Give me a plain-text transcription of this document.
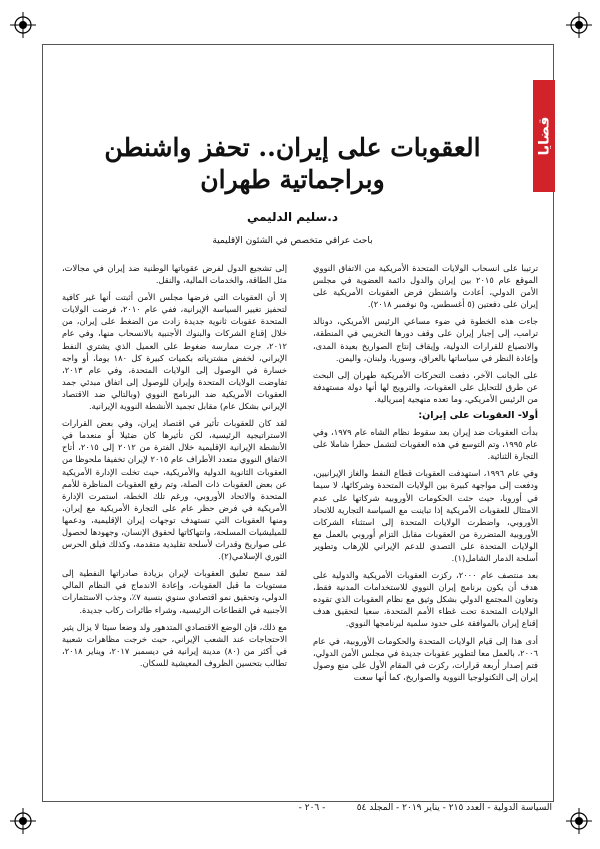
قضايا
العقوبات على إيران.. تحفز واشنطن وبراجماتية طهران
د.سليم الدليمي
باحث عراقي متخصص في الشئون الإقليمية

ترتيبا على انسحاب الولايات المتحدة الأمريكية من الاتفاق النووي الموقع عام ٢٠١٥ بين إيران والدول دائمة العضوية في مجلس الأمن الدولي، أعادت واشنطن فرض العقوبات الأمريكية على إيران على دفعتين (٥ أغسطس، و٥ نوفمبر ٢٠١٨).

جاءت هذه الخطوة في ضوء مساعي الرئيس الأمريكي، دونالد ترامب، إلى إجبار إيران على وقف دورها التخريبي في المنطقة، والانصياع للقرارات الدولية، وإيقاف إنتاج الصواريخ بعيدة المدى، وإعادة النظر في سياساتها بالعراق، وسوريا، ولبنان، واليمن.

على الجانب الآخر، دفعت التحركات الأمريكية طهران إلى البحث عن طرق للتحايل على العقوبات، والترويج لها أنها دولة مستهدفة من الرئيس الأمريكي، وما تعده منهجية إمبريالية.

أولا- العقوبات على إيران:

بدأت العقوبات ضد إيران بعد سقوط نظام الشاه عام ١٩٧٩، وفي عام ١٩٩٥، وتم التوسع في هذه العقوبات لتشمل حظرا شاملا على التجارة الثنائية.

وفي عام ١٩٩٦، استهدفت العقوبات قطاع النفط والغاز الإيرانيين، ودفعت إلى مواجهة كبيرة بين الولايات المتحدة وشركائها، لا سيما في أوروبا، حيث حثت الحكومات الأوروبية شركاتها على عدم الامتثال للعقوبات الأمريكية إذا تباينت مع السياسة التجارية للاتحاد الأوروبي، واضطرت الولايات المتحدة إلى استثناء الشركات الأوروبية المتضررة من العقوبات مقابل التزام أوروبي بالعمل مع الولايات المتحدة على التصدي للدعم الإيراني للإرهاب وتطوير أسلحة الدمار الشامل(١).

بعد منتصف عام ٢٠٠٠، ركزت العقوبات الأمريكية والدولية على هدف أن يكون برنامج إيران النووي للاستخدامات المدنية فقط، وتعاون المجتمع الدولي بشكل وثيق مع نظام العقوبات الذي تقوده الولايات المتحدة تحت غطاء الأمم المتحدة، سعيا لتحقيق هدف إقناع إيران بالموافقة على حدود سلمية لبرنامجها النووي.

أدى هذا إلى قيام الولايات المتحدة والحكومات الأوروبية، في عام ٢٠٠٦، بالعمل معا لتطوير عقوبات جديدة في مجلس الأمن الدولي، فتم إصدار أربعة قرارات، ركزت في المقام الأول على منع وصول إيران إلى التكنولوجيا النووية والصواريخ، كما أنها سعت

إلى تشجيع الدول لفرض عقوباتها الوطنية ضد إيران في مجالات، مثل الطاقة، والخدمات المالية، والنقل.

إلا أن العقوبات التي فرضها مجلس الأمن أثبتت أنها غير كافية لتحفيز تغيير السياسة الإيرانية، ففي عام ٢٠١٠، فرضت الولايات المتحدة عقوبات ثانوية جديدة زادت من الضغط على إيران، من خلال إقناع الشركات والبنوك الأجنبية بالانسحاب منها، وفي عام ٢٠١٢، جرت ممارسة ضغوط على العميل الذي يشتري النفط الإيراني، لخفض مشترياته بكميات كبيرة كل ١٨٠ يوما، أو واجه خسارة في الوصول إلى الولايات المتحدة، وفي عام ٢٠١٣، تفاوضت الولايات المتحدة وإيران للوصول إلى اتفاق مبدئي جمد العقوبات الأمريكية ضد البرنامج النووي (وبالتالي ضد الاقتصاد الإيراني بشكل عام) مقابل تجميد الأنشطة النووية الإيرانية.

لقد كان للعقوبات تأثير في اقتصاد إيران، وفي بعض القرارات الاستراتيجية الرئيسية، لكن تأثيرها كان ضئيلا أو منعدما في الأنشطة الإيرانية الإقليمية خلال الفترة من ٢٠١٢ إلى ٢٠١٥، أتاح الاتفاق النووي متعدد الأطراف عام ٢٠١٥ لإيران تخفيفا ملحوظا من العقوبات الثانوية الدولية والأمريكية، حيث تخلت الإدارة الأمريكية عن بعض العقوبات ذات الصلة، وتم رفع العقوبات المناظرة للأمم المتحدة والاتحاد الأوروبي، ورغم تلك الخطة، استمرت الإدارة الأمريكية في فرض حظر عام على التجارة الأمريكية مع إيران، ومنها العقوبات التي تستهدف توجهات إيران الإقليمية، ودعمها للميليشيات المسلحة، وانتهاكاتها لحقوق الإنسان، وجهودها لحصول على صواريخ وقدرات لأسلحة تقليدية متقدمة، وكذلك فيلق الحرس الثوري الإسلامي(٢).

لقد سمح تعليق العقوبات لإيران بزيادة صادراتها النفطية إلى مستويات ما قبل العقوبات، وإعادة الاندماج في النظام المالي الدولي، وتحقيق نمو اقتصادي سنوي بنسبة ٧٪، وجذب الاستثمارات الأجنبية في القطاعات الرئيسية، وشراء طائرات ركاب جديدة.

مع ذلك، فإن الوضع الاقتصادي المتدهور ولد وضعا سيئا لا يزال يثير الاحتجاجات عند الشعب الإيراني، حيث خرجت مظاهرات شعبية في أكثر من (٨٠) مدينة إيرانية في ديسمبر ٢٠١٧، ويناير ٢٠١٨، تطالب بتحسين الظروف المعيشية للسكان.

- ٢٠٦ -	السياسة الدولية - العدد ٢١٥ - يناير ٢٠١٩ - المجلد ٥٤
